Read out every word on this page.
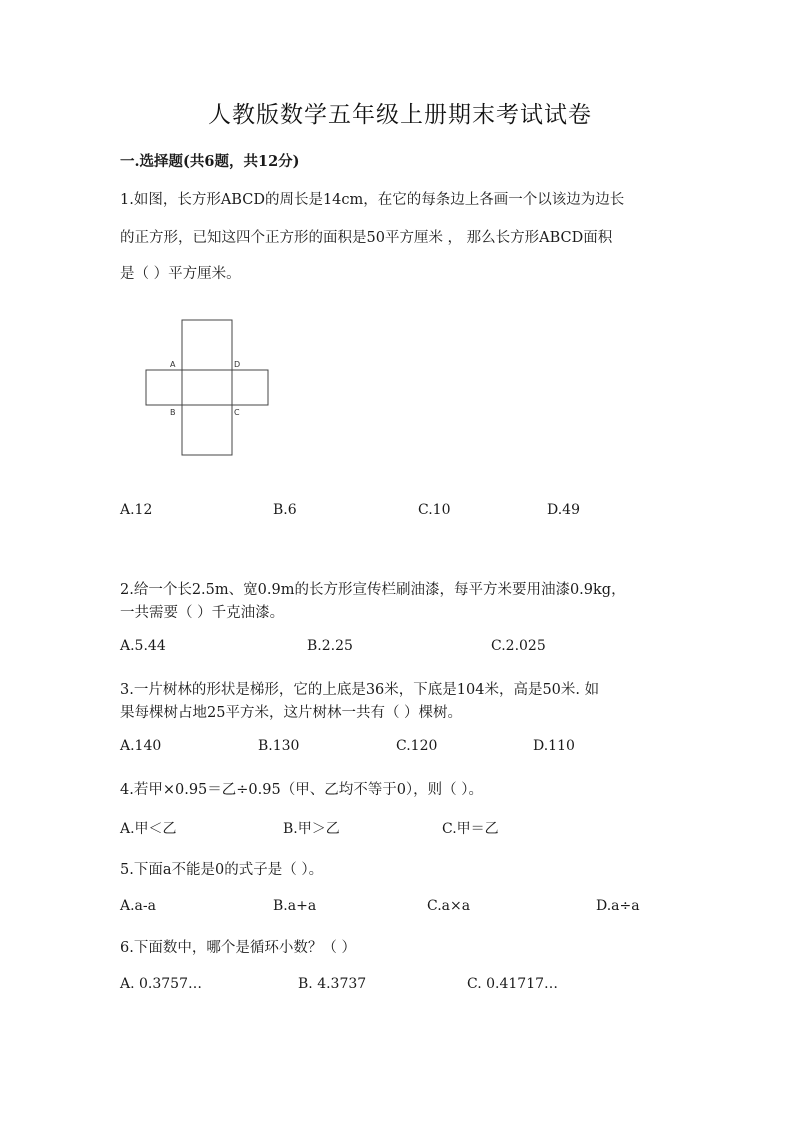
人教版数学五年级上册期末考试试卷
一.选择题(共6题，共12分)
1.如图，长方形ABCD的周长是14cm，在它的每条边上各画一个以该边为边长
的正方形，已知这四个正方形的面积是50平方厘米 ， 那么长方形ABCD面积
是（ ）平方厘米。
A	D
B	C
A.12	B.6	C.10	D.49
2.给一个长2.5m、宽0.9m的长方形宣传栏刷油漆，每平方米要用油漆0.9kg，
一共需要（ ）千克油漆。
A.5.44	B.2.25	C.2.025
3.一片树林的形状是梯形，它的上底是36米，下底是104米，高是50米. 如
果每棵树占地25平方米，这片树林一共有（ ）棵树。
A.140	B.130	C.120	D.110
4.若甲×0.95＝乙÷0.95（甲、乙均不等于0），则（ ）。
A.甲＜乙	B.甲＞乙	C.甲＝乙
5.下面a不能是0的式子是（ ）。
A.a-a	B.a+a	C.a×a	D.a÷a
6.下面数中，哪个是循环小数？（ ）
A. 0.3757…	B. 4.3737	C. 0.41717…
